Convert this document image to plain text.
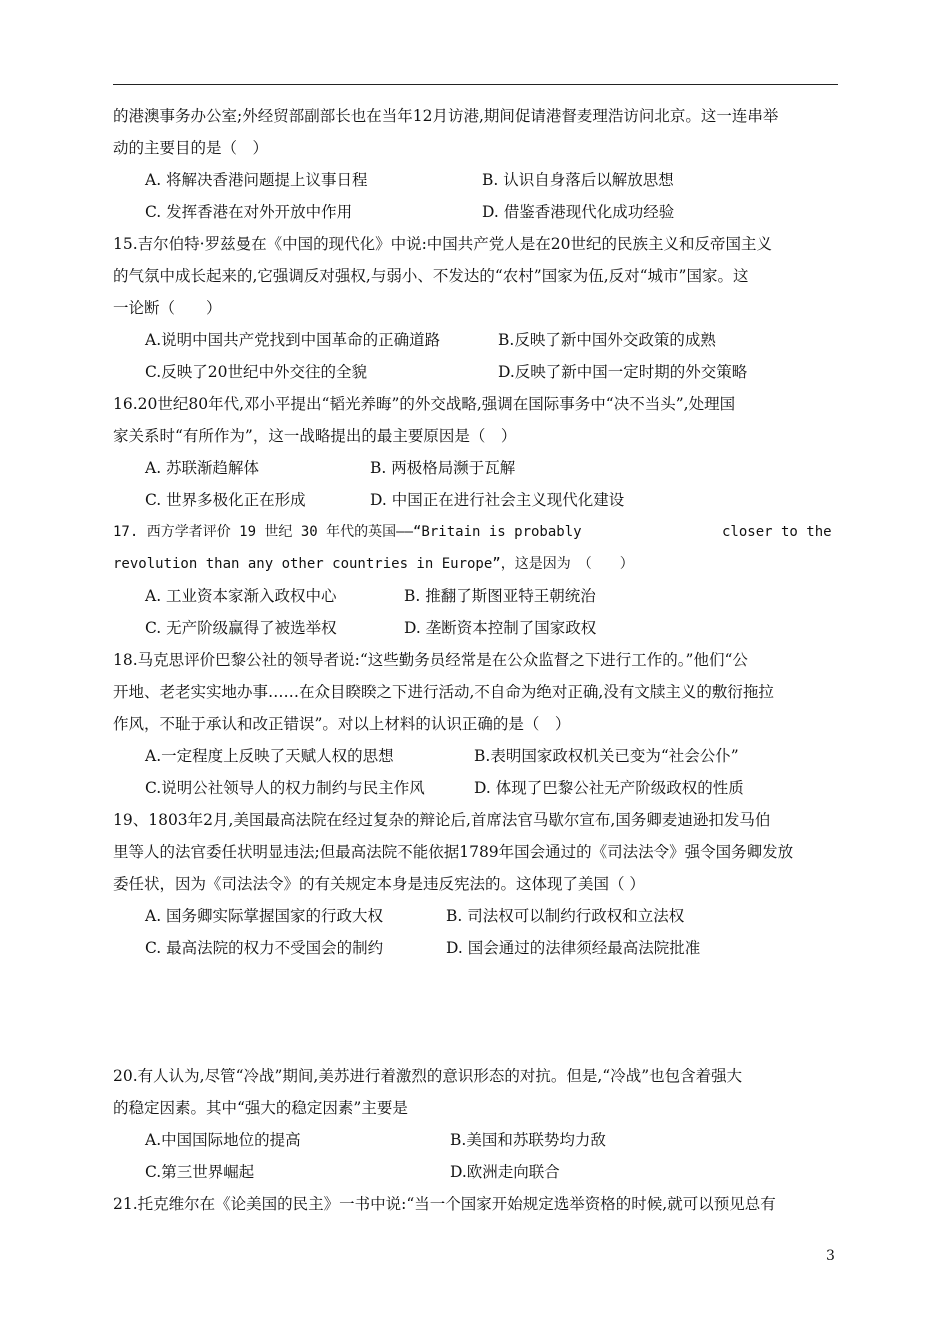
的港澳事务办公室;外经贸部副部长也在当年12月访港,期间促请港督麦理浩访问北京。这一连串举
动的主要目的是（　）
A. 将解决香港问题提上议事日程	B. 认识自身落后以解放思想
C. 发挥香港在对外开放中作用	D. 借鉴香港现代化成功经验
15.吉尔伯特·罗兹曼在《中国的现代化》中说:中国共产党人是在20世纪的民族主义和反帝国主义
的气氛中成长起来的,它强调反对强权,与弱小、不发达的“农村”国家为伍,反对“城市”国家。这
一论断（　　）
A.说明中国共产党找到中国革命的正确道路	B.反映了新中国外交政策的成熟
C.反映了20世纪中外交往的全貌	D.反映了新中国一定时期的外交策略
16.20世纪80年代,邓小平提出“韬光养晦”的外交战略,强调在国际事务中“决不当头”,处理国
家关系时“有所作为”，这一战略提出的最主要原因是（　）
A. 苏联渐趋解体	B. 两极格局濒于瓦解
C. 世界多极化正在形成	D. 中国正在进行社会主义现代化建设
17. 西方学者评价 19 世纪 30 年代的英国——“Britain is probably	closer to the
revolution than any other countries in Europe”，这是因为　（　　）
A. 工业资本家渐入政权中心	B. 推翻了斯图亚特王朝统治
C. 无产阶级赢得了被选举权	D. 垄断资本控制了国家政权
18.马克思评价巴黎公社的领导者说:“这些勤务员经常是在公众监督之下进行工作的。”他们“公
开地、老老实实地办事……在众目睽睽之下进行活动,不自命为绝对正确,没有文牍主义的敷衍拖拉
作风，不耻于承认和改正错误”。对以上材料的认识正确的是（　）
A.一定程度上反映了天赋人权的思想	B.表明国家政权机关已变为“社会公仆”
C.说明公社领导人的权力制约与民主作风	D. 体现了巴黎公社无产阶级政权的性质
19、1803年2月,美国最高法院在经过复杂的辩论后,首席法官马歇尔宣布,国务卿麦迪逊扣发马伯
里等人的法官委任状明显违法;但最高法院不能依据1789年国会通过的《司法法令》强令国务卿发放
委任状，因为《司法法令》的有关规定本身是违反宪法的。这体现了美国（ ）
A. 国务卿实际掌握国家的行政大权	B. 司法权可以制约行政权和立法权
C. 最高法院的权力不受国会的制约	D. 国会通过的法律须经最高法院批准
20.有人认为,尽管“冷战”期间,美苏进行着激烈的意识形态的对抗。但是,“冷战”也包含着强大
的稳定因素。其中“强大的稳定因素”主要是
A.中国国际地位的提高	B.美国和苏联势均力敌
C.第三世界崛起	D.欧洲走向联合
21.托克维尔在《论美国的民主》一书中说:“当一个国家开始规定选举资格的时候,就可以预见总有
3
